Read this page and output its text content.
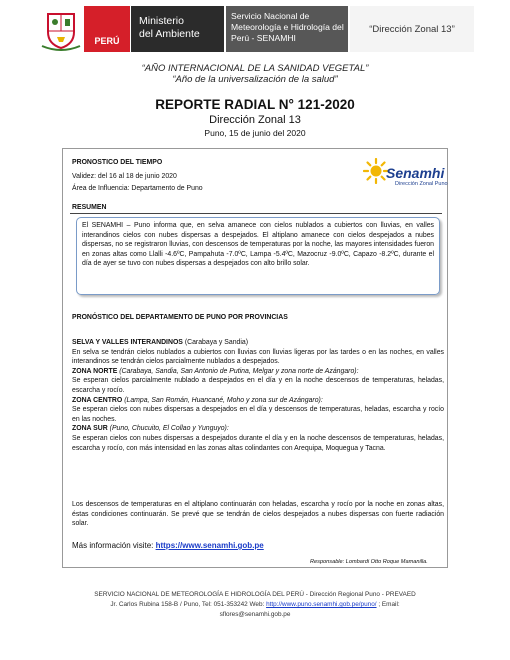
PERÚ
Ministerio
del Ambiente
Servicio Nacional de
Meteorología e Hidrología del
Perú - SENAMHI
“Dirección Zonal 13”
“AÑO INTERNACIONAL DE LA SANIDAD VEGETAL”
“Año de la universalización de la salud”
REPORTE RADIAL N° 121-2020
Dirección Zonal 13
Puno, 15 de junio del 2020
PRONOSTICO DEL TIEMPO
Validez: del 16 al 18 de junio 2020
Área de Influencia: Departamento de Puno
Senamhi
Dirección Zonal Puno
RESUMEN
El SENAMHI – Puno informa que, en selva amanece con cielos nublados a cubiertos con lluvias, en valles interandinos cielos con nubes dispersas a despejados. El altiplano amanece con cielos despejados a nubes dispersas, no se registraron lluvias, con descensos de temperaturas por la noche, las mayores intensidades fueron en zonas altas como Llalli -4.6ºC, Pampahuta -7.0ºC, Lampa -5.4ºC, Mazocruz -9.0ºC, Capazo -8.2ºC, durante el día de ayer se tuvo con nubes dispersas a despejados con alto brillo solar.
PRONÓSTICO DEL DEPARTAMENTO DE PUNO POR PROVINCIAS
SELVA Y VALLES INTERANDINOS (Carabaya y Sandia)
En selva se tendrán cielos nublados a cubiertos con lluvias con lluvias ligeras por las tardes o en las noches, en valles interandinos se tendrán cielos parcialmente nublados a despejados.
ZONA NORTE (Carabaya, Sandia, San Antonio de Putina, Melgar y zona norte de Azángaro):
Se esperan cielos parcialmente nublado a despejados en el día y en la noche descensos de temperaturas, heladas, escarcha y rocío.
ZONA CENTRO (Lampa, San Román, Huancané, Moho y zona sur de Azángaro):
Se esperan cielos con nubes dispersas a despejados en el día y descensos de temperaturas, heladas, escarcha y rocío en las noches.
ZONA SUR (Puno, Chucuito, El Collao y Yunguyo):
Se esperan cielos con nubes dispersas a despejados durante el día y en la noche descensos de temperaturas, heladas, escarcha y rocío, con más intensidad en las zonas altas colindantes con Arequipa, Moquegua y Tacna.
Los descensos de temperaturas en el altiplano continuarán con heladas, escarcha y rocío por la noche en zonas altas, éstas condiciones continuarán. Se prevé que se tendrán de cielos despejados a nubes dispersas con fuerte radiación solar.
Más información visite: https://www.senamhi.gob.pe
Responsable: Lombardi Otto Roque Mamanilla.
SERVICIO NACIONAL DE METEOROLOGÍA E HIDROLOGÍA DEL PERÚ - Dirección Regional Puno - PREVAED
Jr. Carlos Rubina 158-B / Puno, Tel: 051-353242 Web: http://www.puno.senamhi.gob.pe/puno/ ; Email:
sflores@senamhi.gob.pe
